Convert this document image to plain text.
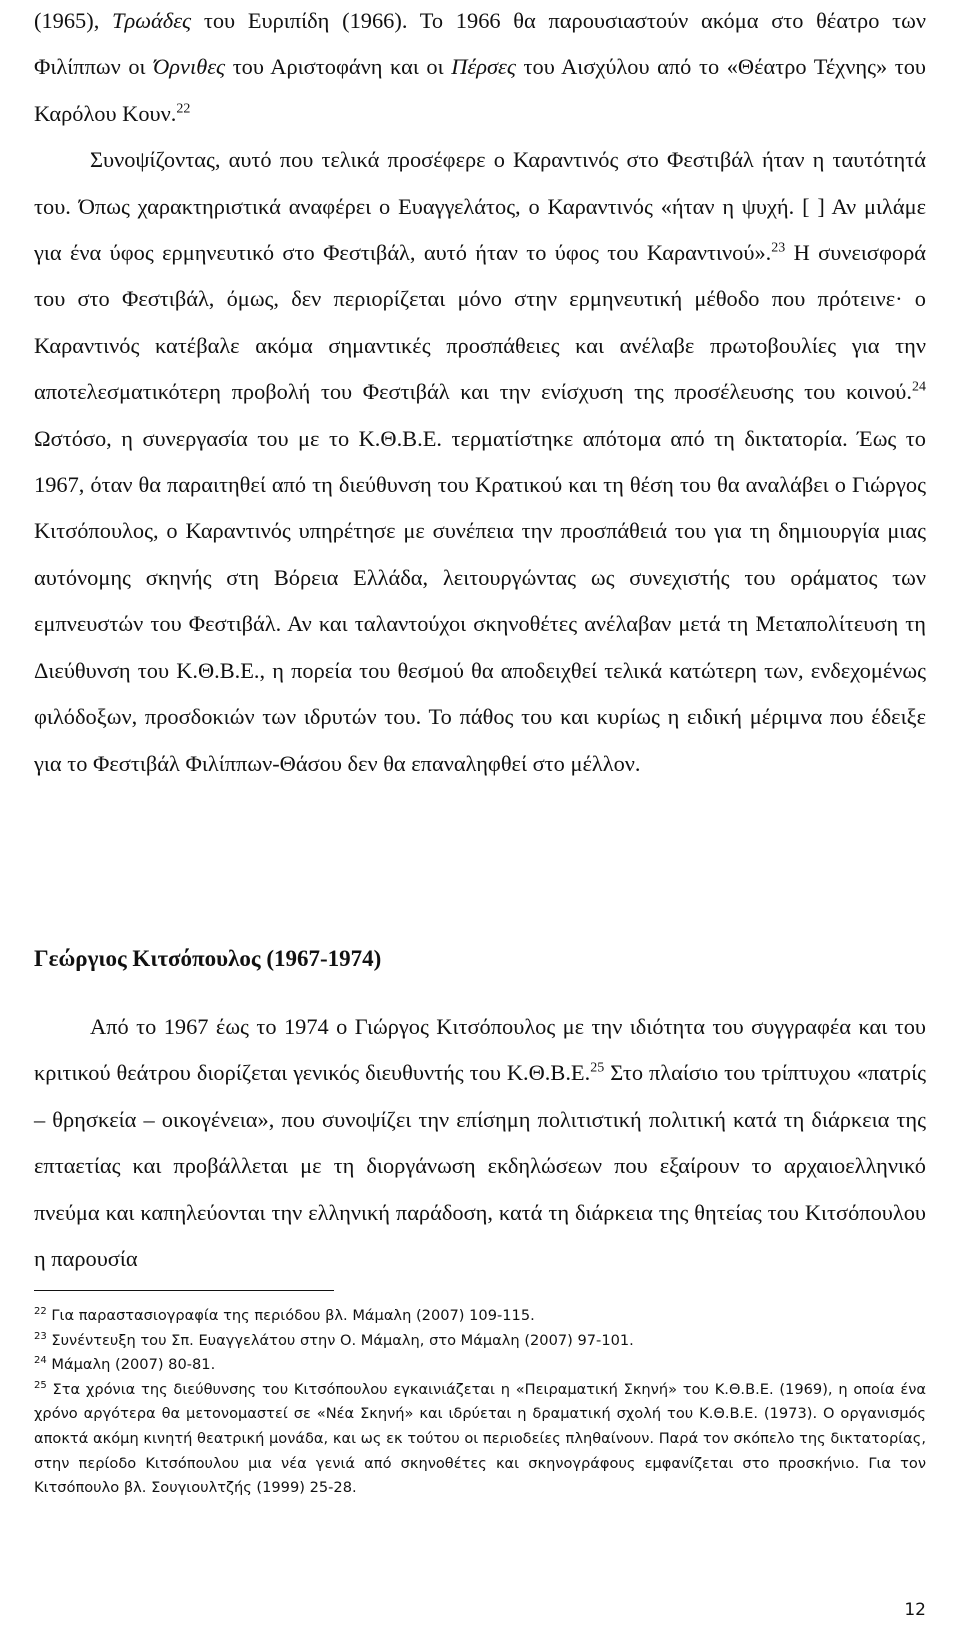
(1965), Τρωάδες του Ευριπίδη (1966). Το 1966 θα παρουσιαστούν ακόμα στο θέατρο των Φιλίππων οι Όρνιθες του Αριστοφάνη και οι Πέρσες του Αισχύλου από το «Θέατρο Τέχνης» του Καρόλου Κουν.$^{22}$

Συνοψίζοντας, αυτό που τελικά προσέφερε ο Καραντινός στο Φεστιβάλ ήταν η ταυτότητά του. Όπως χαρακτηριστικά αναφέρει ο Ευαγγελάτος, ο Καραντινός «ήταν η ψυχή. [ ] Αν μιλάμε για ένα ύφος ερμηνευτικό στο Φεστιβάλ, αυτό ήταν το ύφος του Καραντινού».$^{23}$ Η συνεισφορά του στο Φεστιβάλ, όμως, δεν περιορίζεται μόνο στην ερμηνευτική μέθοδο που πρότεινε· ο Καραντινός κατέβαλε ακόμα σημαντικές προσπάθειες και ανέλαβε πρωτοβουλίες για την αποτελεσματικότερη προβολή του Φεστιβάλ και την ενίσχυση της προσέλευσης του κοινού.$^{24}$ Ωστόσο, η συνεργασία του με το Κ.Θ.Β.Ε. τερματίστηκε απότομα από τη δικτατορία. Έως το 1967, όταν θα παραιτηθεί από τη διεύθυνση του Κρατικού και τη θέση του θα αναλάβει ο Γιώργος Κιτσόπουλος, ο Καραντινός υπηρέτησε με συνέπεια την προσπάθειά του για τη δημιουργία μιας αυτόνομης σκηνής στη Βόρεια Ελλάδα, λειτουργώντας ως συνεχιστής του οράματος των εμπνευστών του Φεστιβάλ. Αν και ταλαντούχοι σκηνοθέτες ανέλαβαν μετά τη Μεταπολίτευση τη Διεύθυνση του Κ.Θ.Β.Ε., η πορεία του θεσμού θα αποδειχθεί τελικά κατώτερη των, ενδεχομένως φιλόδοξων, προσδοκιών των ιδρυτών του. Το πάθος του και κυρίως η ειδική μέριμνα που έδειξε για το Φεστιβάλ Φιλίππων-Θάσου δεν θα επαναληφθεί στο μέλλον.

Γεώργιος Κιτσόπουλος (1967-1974)

Από το 1967 έως το 1974 ο Γιώργος Κιτσόπουλος με την ιδιότητα του συγγραφέα και του κριτικού θεάτρου διορίζεται γενικός διευθυντής του Κ.Θ.Β.Ε.$^{25}$ Στο πλαίσιο του τρίπτυχου «πατρίς – θρησκεία – οικογένεια», που συνοψίζει την επίσημη πολιτιστική πολιτική κατά τη διάρκεια της επταετίας και προβάλλεται με τη διοργάνωση εκδηλώσεων που εξαίρουν το αρχαιοελληνικό πνεύμα και καπηλεύονται την ελληνική παράδοση, κατά τη διάρκεια της θητείας του Κιτσόπουλου η παρουσία

$^{22}$ Για παραστασιογραφία της περιόδου βλ. Μάμαλη (2007) 109-115.

$^{23}$ Συνέντευξη του Σπ. Ευαγγελάτου στην Ο. Μάμαλη, στο Μάμαλη (2007) 97-101.

$^{24}$ Μάμαλη (2007) 80-81.

$^{25}$ Στα χρόνια της διεύθυνσης του Κιτσόπουλου εγκαινιάζεται η «Πειραματική Σκηνή» του Κ.Θ.Β.Ε. (1969), η οποία ένα χρόνο αργότερα θα μετονομαστεί σε «Νέα Σκηνή» και ιδρύεται η δραματική σχολή του Κ.Θ.Β.Ε. (1973). Ο οργανισμός αποκτά ακόμη κινητή θεατρική μονάδα, και ως εκ τούτου οι περιοδείες πληθαίνουν. Παρά τον σκόπελο της δικτατορίας, στην περίοδο Κιτσόπουλου μια νέα γενιά από σκηνοθέτες και σκηνογράφους εμφανίζεται στο προσκήνιο. Για τον Κιτσόπουλο βλ. Σουγιουλτζής (1999) 25-28.

12
